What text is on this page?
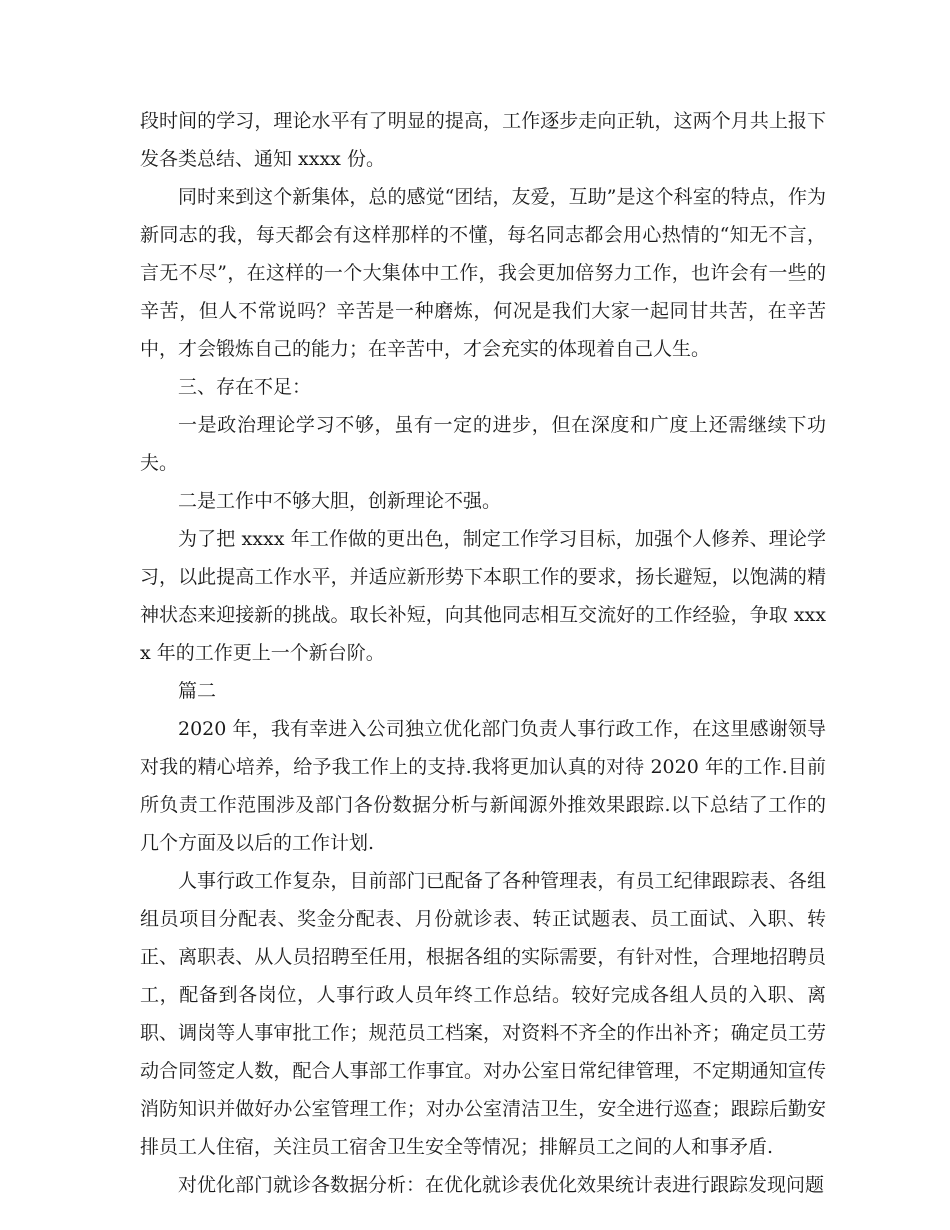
段时间的学习，理论水平有了明显的提高，工作逐步走向正轨，这两个月共上报下发各类总结、通知 xxxx 份。

同时来到这个新集体，总的感觉“团结，友爱，互助”是这个科室的特点，作为新同志的我，每天都会有这样那样的不懂，每名同志都会用心热情的“知无不言，言无不尽”，在这样的一个大集体中工作，我会更加倍努力工作，也许会有一些的辛苦，但人不常说吗？辛苦是一种磨炼，何况是我们大家一起同甘共苦，在辛苦中，才会锻炼自己的能力；在辛苦中，才会充实的体现着自己人生。

三、存在不足：

一是政治理论学习不够，虽有一定的进步，但在深度和广度上还需继续下功夫。

二是工作中不够大胆，创新理论不强。

为了把 xxxx 年工作做的更出色，制定工作学习目标，加强个人修养、理论学习，以此提高工作水平，并适应新形势下本职工作的要求，扬长避短，以饱满的精神状态来迎接新的挑战。取长补短，向其他同志相互交流好的工作经验，争取 xxxx 年的工作更上一个新台阶。

篇二

2020 年，我有幸进入公司独立优化部门负责人事行政工作，在这里感谢领导对我的精心培养，给予我工作上的支持.我将更加认真的对待 2020 年的工作.目前所负责工作范围涉及部门各份数据分析与新闻源外推效果跟踪.以下总结了工作的几个方面及以后的工作计划.

人事行政工作复杂，目前部门已配备了各种管理表，有员工纪律跟踪表、各组组员项目分配表、奖金分配表、月份就诊表、转正试题表、员工面试、入职、转正、离职表、从人员招聘至任用，根据各组的实际需要，有针对性，合理地招聘员工，配备到各岗位，人事行政人员年终工作总结。较好完成各组人员的入职、离职、调岗等人事审批工作；规范员工档案，对资料不齐全的作出补齐；确定员工劳动合同签定人数，配合人事部工作事宜。对办公室日常纪律管理，不定期通知宣传消防知识并做好办公室管理工作；对办公室清洁卫生，安全进行巡查；跟踪后勤安排员工人住宿，关注员工宿舍卫生安全等情况；排解员工之间的人和事矛盾.

对优化部门就诊各数据分析：在优化就诊表优化效果统计表进行跟踪发现问题
